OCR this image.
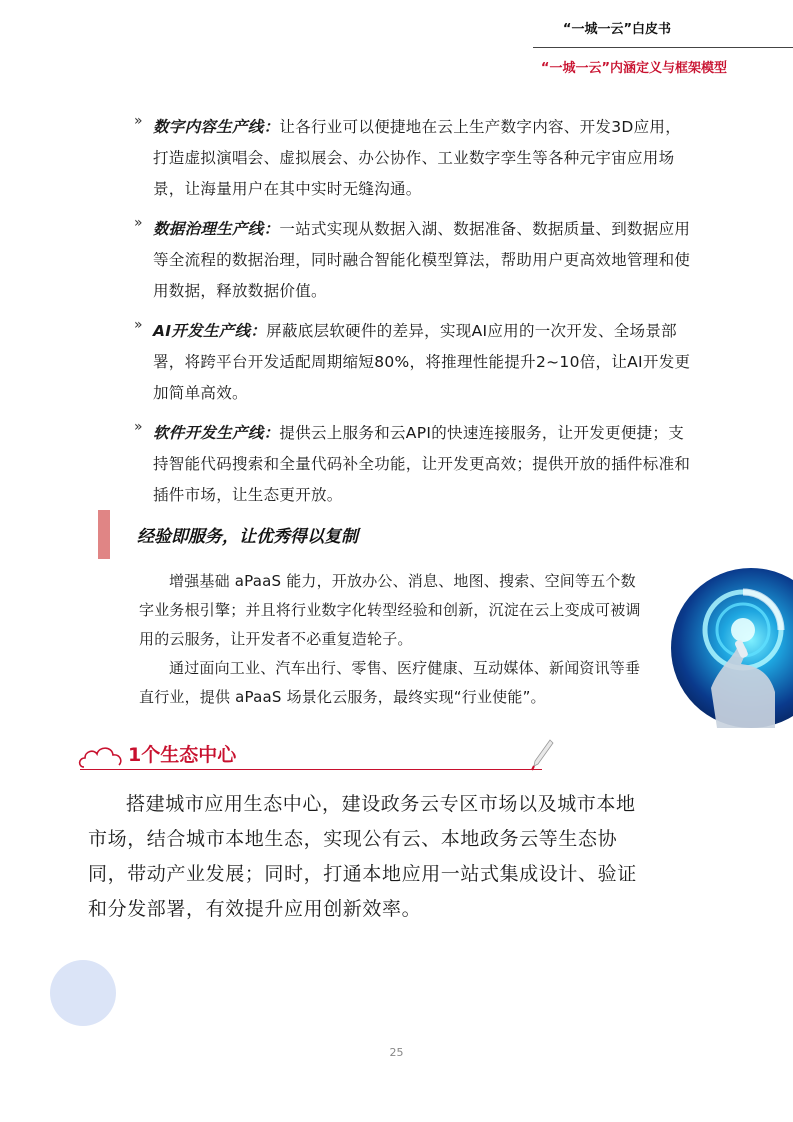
“一城一云”白皮书
“一城一云”内涵定义与框架模型
» 数字内容生产线：让各行业可以便捷地在云上生产数字内容、开发3D应用，打造虚拟演唱会、虚拟展会、办公协作、工业数字孪生等各种元宇宙应用场景，让海量用户在其中实时无缝沟通。
» 数据治理生产线：一站式实现从数据入湖、数据准备、数据质量、到数据应用等全流程的数据治理，同时融合智能化模型算法，帮助用户更高效地管理和使用数据，释放数据价值。
» AI开发生产线：屏蔽底层软硬件的差异，实现AI应用的一次开发、全场景部署，将跨平台开发适配周期缩短80%，将推理性能提升2~10倍，让AI开发更加简单高效。
» 软件开发生产线：提供云上服务和云API的快速连接服务，让开发更便捷；支持智能代码搜索和全量代码补全功能，让开发更高效；提供开放的插件标准和插件市场，让生态更开放。
经验即服务，让优秀得以复制

增强基础 aPaaS 能力，开放办公、消息、地图、搜索、空间等五个数字业务根引擎；并且将行业数字化转型经验和创新，沉淀在云上变成可被调用的云服务，让开发者不必重复造轮子。

通过面向工业、汽车出行、零售、医疗健康、互动媒体、新闻资讯等垂直行业，提供 aPaaS 场景化云服务，最终实现“行业使能”。

1个生态中心

搭建城市应用生态中心，建设政务云专区市场以及城市本地市场，结合城市本地生态，实现公有云、本地政务云等生态协同，带动产业发展；同时，打通本地应用一站式集成设计、验证和分发部署，有效提升应用创新效率。

25
